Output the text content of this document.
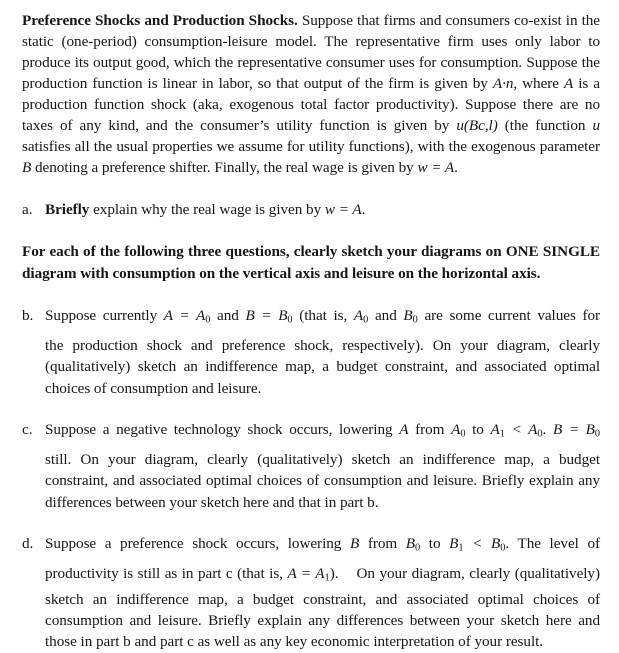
Preference Shocks and Production Shocks. Suppose that firms and consumers co-exist in the static (one-period) consumption-leisure model. The representative firm uses only labor to produce its output good, which the representative consumer uses for consumption. Suppose the production function is linear in labor, so that output of the firm is given by A·n, where A is a production function shock (aka, exogenous total factor productivity). Suppose there are no taxes of any kind, and the consumer’s utility function is given by u(Bc,l) (the function u satisfies all the usual properties we assume for utility functions), with the exogenous parameter B denoting a preference shifter. Finally, the real wage is given by w = A.

a. Briefly explain why the real wage is given by w = A.

For each of the following three questions, clearly sketch your diagrams on ONE SINGLE diagram with consumption on the vertical axis and leisure on the horizontal axis.

b. Suppose currently $A = A_0$ and $B = B_0$ (that is, $A_0$ and $B_0$ are some current values for
the production shock and preference shock, respectively). On your diagram, clearly (qualitatively) sketch an indifference map, a budget constraint, and associated optimal choices of consumption and leisure.
c. Suppose a negative technology shock occurs, lowering A from $A_0$ to $A_1 < A_0$. $B = B_0$
still. On your diagram, clearly (qualitatively) sketch an indifference map, a budget constraint, and associated optimal choices of consumption and leisure. Briefly explain any differences between your sketch here and that in part b.
d. Suppose a preference shock occurs, lowering B from $B_0$ to $B_1 < B_0$. The level of
productivity is still as in part c (that is, $A = A_1$). On your diagram, clearly (qualitatively) sketch an indifference map, a budget constraint, and associated optimal choices of consumption and leisure. Briefly explain any differences between your sketch here and those in part b and part c as well as any key economic interpretation of your result.
